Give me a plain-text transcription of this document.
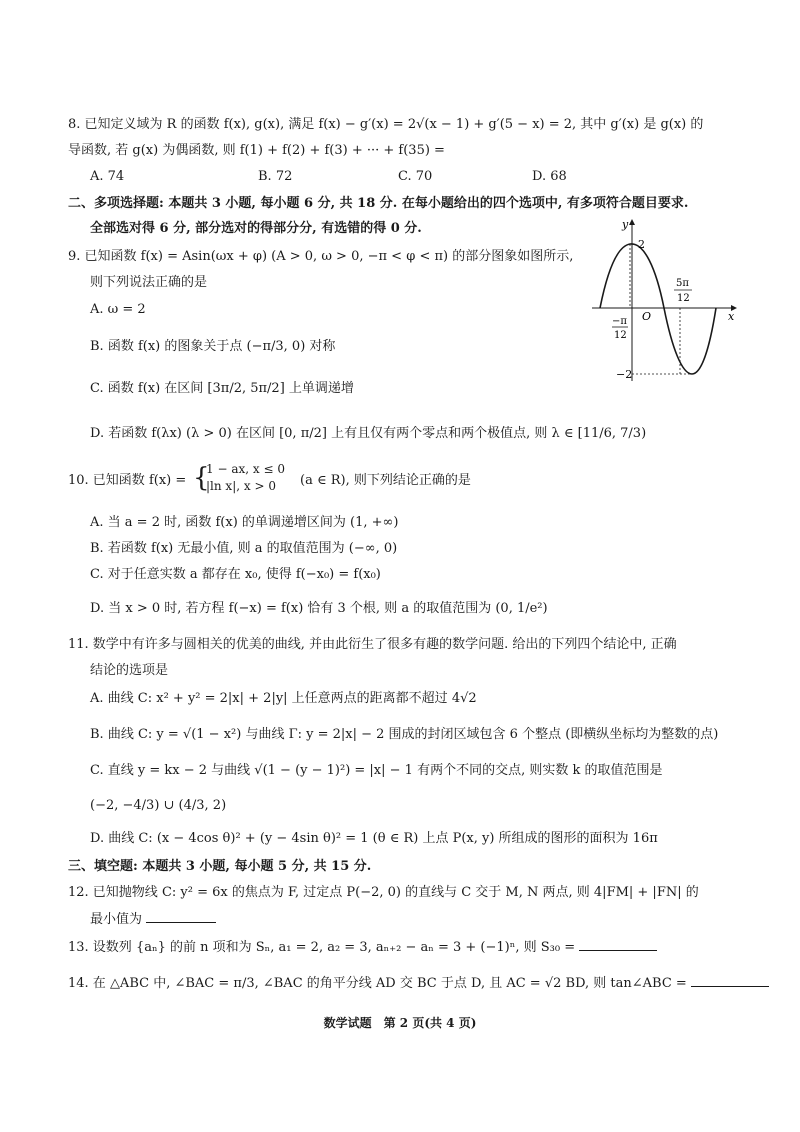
8. 已知定义域为 R 的函数 f(x), g(x), 满足 f(x) − g′(x) = 2√(x − 1) + g′(5 − x) = 2, 其中 g′(x) 是 g(x) 的
导函数, 若 g(x) 为偶函数, 则 f(1) + f(2) + f(3) + ··· + f(35) =
A. 74	B. 72	C. 70	D. 68
二、多项选择题: 本题共 3 小题, 每小题 6 分, 共 18 分. 在每小题给出的四个选项中, 有多项符合题目要求.
全部选对得 6 分, 部分选对的得部分分, 有选错的得 0 分.
9. 已知函数 f(x) = Asin(ωx + φ) (A > 0, ω > 0, −π < φ < π) 的部分图象如图所示,
则下列说法正确的是
A. ω = 2
B. 函数 f(x) 的图象关于点 (−π/3, 0) 对称
C. 函数 f(x) 在区间 [3π/2, 5π/2] 上单调递增
D. 若函数 f(λx) (λ > 0) 在区间 [0, π/2] 上有且仅有两个零点和两个极值点, 则 λ ∈ [11/6, 7/3)
y
x
O
2
−2
5π
12
−π
12
10. 已知函数 f(x) = {
1 − ax, x ≤ 0
|ln x|, x > 0 (a ∈ R), 则下列结论正确的是
A. 当 a = 2 时, 函数 f(x) 的单调递增区间为 (1, +∞)
B. 若函数 f(x) 无最小值, 则 a 的取值范围为 (−∞, 0)
C. 对于任意实数 a 都存在 x₀, 使得 f(−x₀) = f(x₀)
D. 当 x > 0 时, 若方程 f(−x) = f(x) 恰有 3 个根, 则 a 的取值范围为 (0, 1/e²)
11. 数学中有许多与圆相关的优美的曲线, 并由此衍生了很多有趣的数学问题. 给出的下列四个结论中, 正确
结论的选项是
A. 曲线 C: x² + y² = 2|x| + 2|y| 上任意两点的距离都不超过 4√2
B. 曲线 C: y = √(1 − x²) 与曲线 Γ: y = 2|x| − 2 围成的封闭区域包含 6 个整点 (即横纵坐标均为整数的点)
C. 直线 y = kx − 2 与曲线 √(1 − (y − 1)²) = |x| − 1 有两个不同的交点, 则实数 k 的取值范围是
(−2, −4/3) ∪ (4/3, 2)
D. 曲线 C: (x − 4cos θ)² + (y − 4sin θ)² = 1 (θ ∈ R) 上点 P(x, y) 所组成的图形的面积为 16π
三、填空题: 本题共 3 小题, 每小题 5 分, 共 15 分.
12. 已知抛物线 C: y² = 6x 的焦点为 F, 过定点 P(−2, 0) 的直线与 C 交于 M, N 两点, 则 4|FM| + |FN| 的
最小值为
13. 设数列 {aₙ} 的前 n 项和为 Sₙ, a₁ = 2, a₂ = 3, aₙ₊₂ − aₙ = 3 + (−1)ⁿ, 则 S₃₀ =
14. 在 △ABC 中, ∠BAC = π/3, ∠BAC 的角平分线 AD 交 BC 于点 D, 且 AC = √2 BD, 则 tan∠ABC =
数学试题　第 2 页(共 4 页)
